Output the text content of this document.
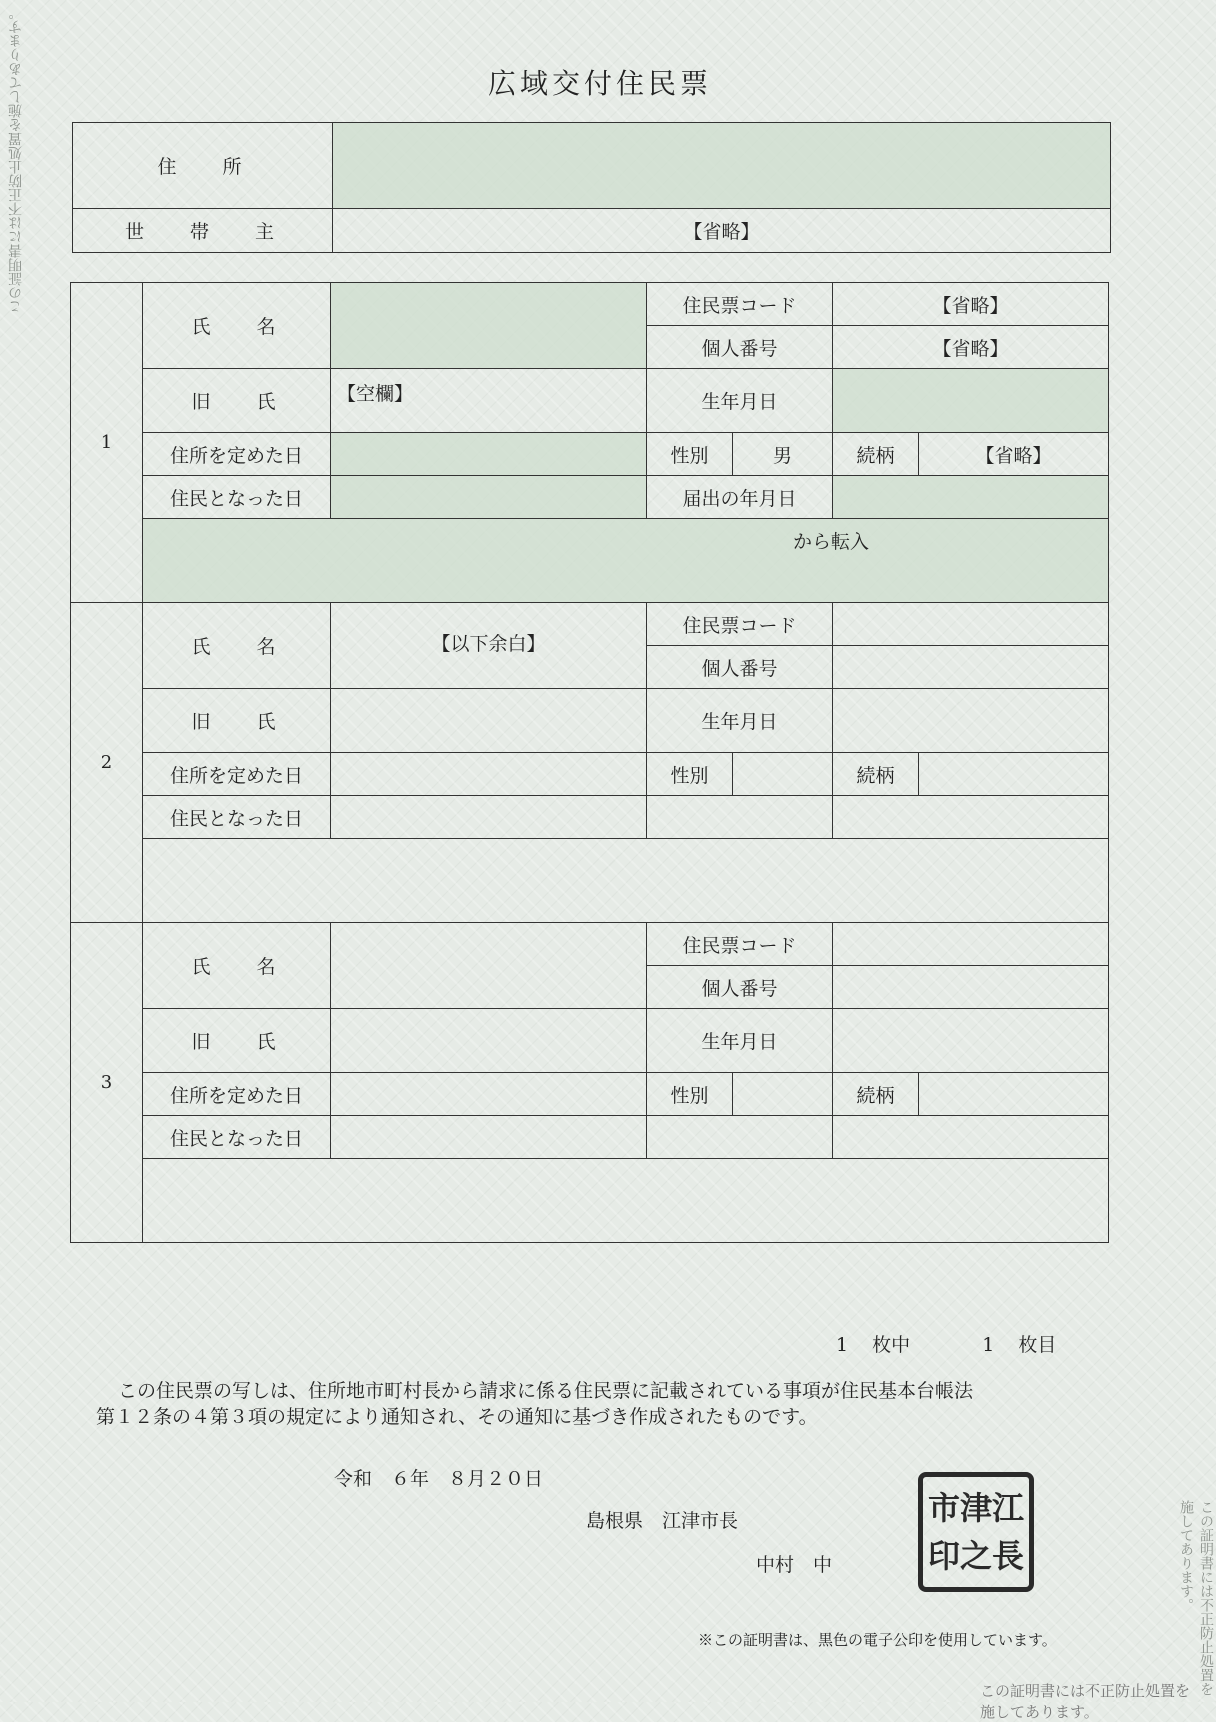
広域交付住民票
住所	
世帯主	【省略】
1	氏名		住民票コード		【省略】	
			個人番号		【省略】	
	旧氏	【空欄】	生年月日			
	住所を定めた日		性別	男	続柄	【省略】
	住民となった日		届出の年月日			
	から転入					
2	氏名	【以下余白】	住民票コード			
			個人番号			
	旧氏		生年月日			
	住所を定めた日		性別		続柄	
	住民となった日					

3	氏名		住民票コード			
			個人番号			
	旧氏		生年月日			
	住所を定めた日		性別		続柄	
	住民となった日					

1 枚中	1 枚目
この住民票の写しは、住所地市町村長から請求に係る住民票に記載されている事項が住民基本台帳法
第１２条の４第３項の規定により通知され、その通知に基づき作成されたものです。
令和　６年　８月２０日
島根県　江津市長
中村　中
市 津 江
印 之 長
※この証明書は、黒色の電子公印を使用しています。
この証明書には不正防止処置を施してあります。
この証明書には不正防止処置を施してあります。
この証明書には不正防止処置を施してあります。
